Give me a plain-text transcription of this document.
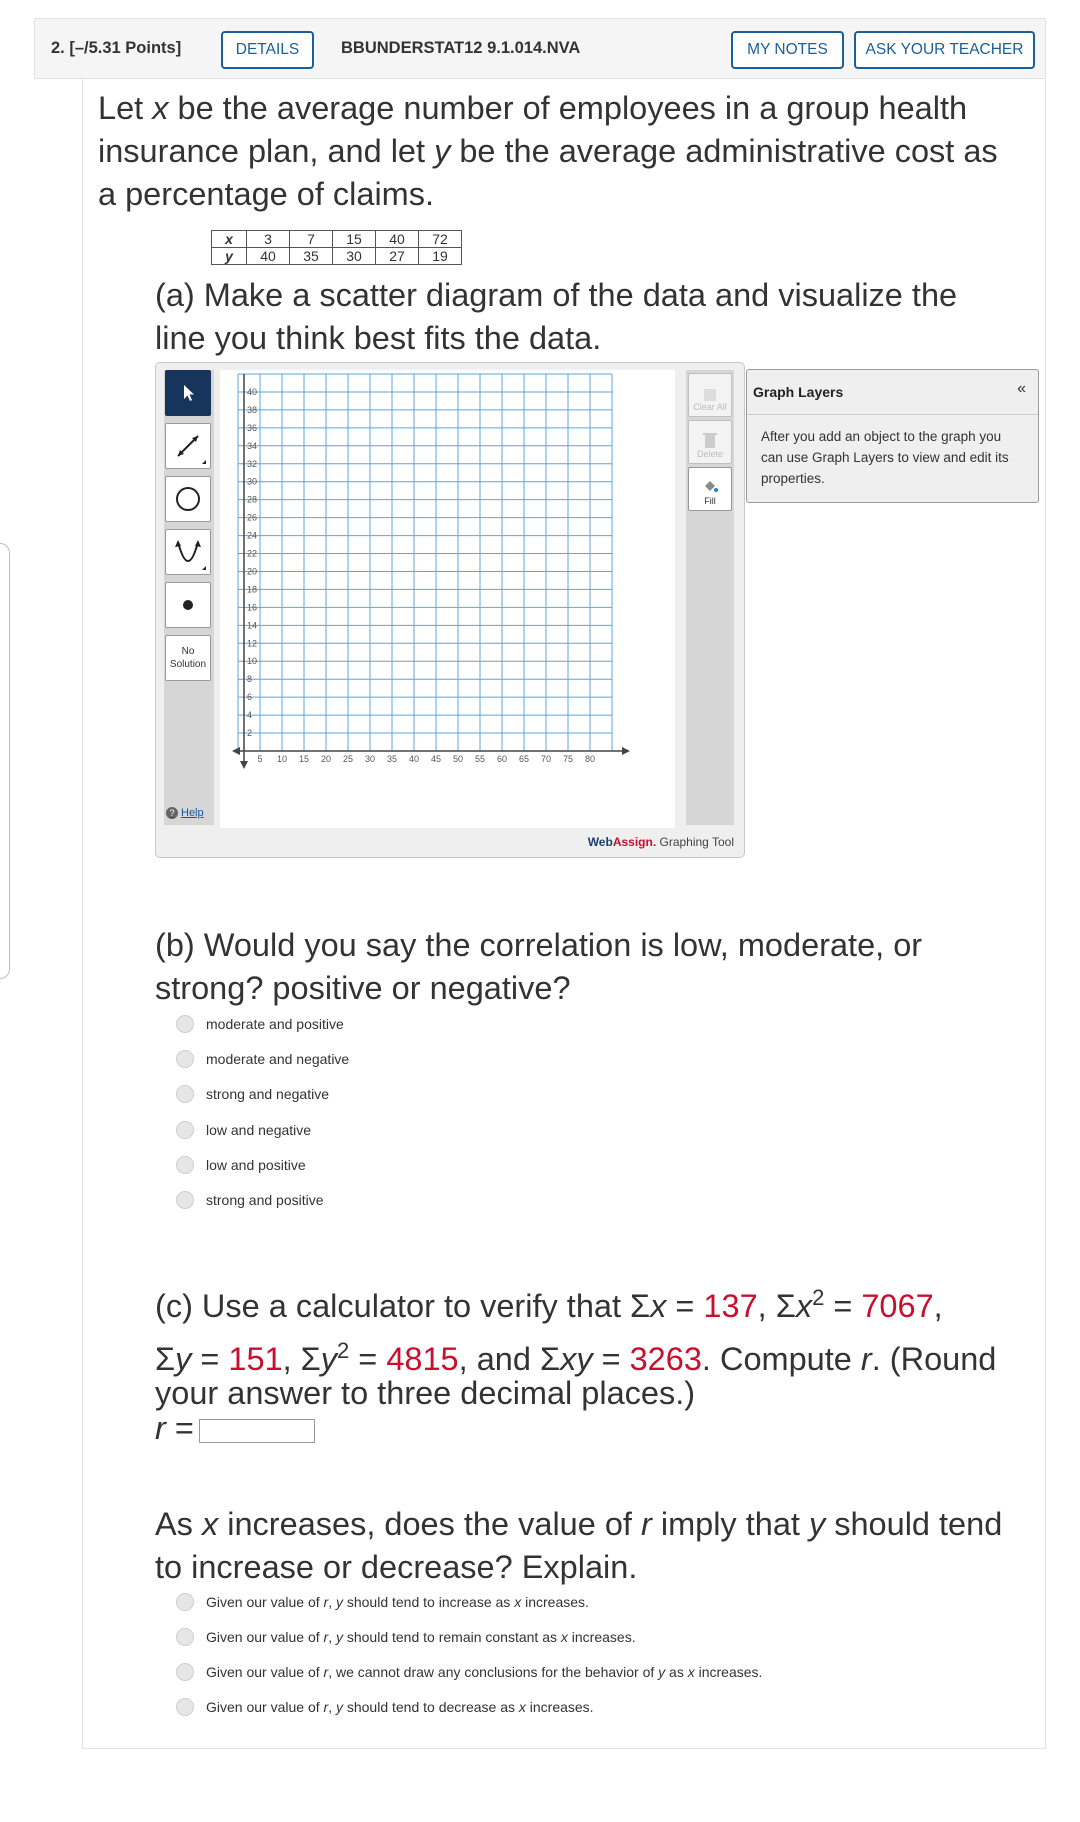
2. [–/5.31 Points]	DETAILS	BBUNDERSTAT12 9.1.014.NVA	MY NOTES	ASK YOUR TEACHER
Let x be the average number of employees in a group health
insurance plan, and let y be the average administrative cost as
a percentage of claims.
x	3	7	15	40	72
y	40	35	30	27	19
(a) Make a scatter diagram of the data and visualize the
line you think best fits the data.
No
Solution
? Help
2
4
6
8
10
12
14
16
18
20
22
24
26
28
30
32
34
36
38
40
5 10 15 20 25 30 35 40 45 50 55 60 65 70 75 80
Clear All
Delete
Fill
WebAssign. Graphing Tool
Graph Layers	«
After you add an object to the graph you can use Graph Layers to view and edit its properties.
(b) Would you say the correlation is low, moderate, or
strong? positive or negative?
moderate and positive
moderate and negative
strong and negative
low and negative
low and positive
strong and positive
(c) Use a calculator to verify that Σx = 137, $\Sigma x^2 = 7067$,
Σy = 151, $\Sigma y^2 = 4815$, and Σxy = 3263. Compute r. (Round
your answer to three decimal places.)
r =
As x increases, does the value of r imply that y should tend
to increase or decrease? Explain.
Given our value of r, y should tend to increase as x increases.
Given our value of r, y should tend to remain constant as x increases.
Given our value of r, we cannot draw any conclusions for the behavior of y as x increases.
Given our value of r, y should tend to decrease as x increases.
